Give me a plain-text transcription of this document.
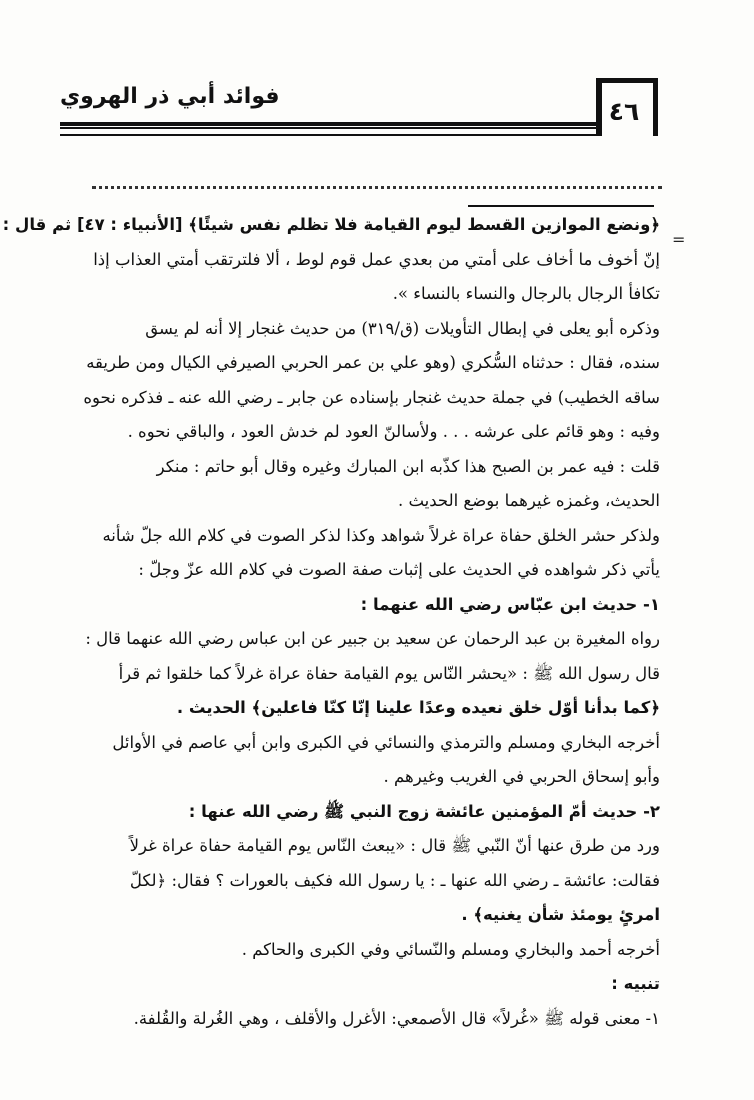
٤٦
فوائد أبي ذر الهروي
=
﴿ونضع الموازين القسط ليوم القيامة فلا تظلم نفس شيئًا﴾ [الأنبياء : ٤٧] ثم قال :
إنّ أخوف ما أخاف على أمتي من بعدي عمل قوم لوط ، ألا فلترتقب أمتي العذاب إذا
تكافأ الرجال بالرجال والنساء بالنساء ».
وذكره أبو يعلى في إبطال التأويلات (ق/٣١٩) من حديث غنجار إلا أنه لم يسق
سنده، فقال : حدثناه السُّكري (وهو علي بن عمر الحربي الصيرفي الكيال ومن طريقه
ساقه الخطيب) في جملة حديث غنجار بإسناده عن جابر ـ رضي الله عنه ـ فذكره نحوه
وفيه : وهو قائم على عرشه . . . ولأسالنّ العود لم خدش العود ، والباقي نحوه .
قلت : فيه عمر بن الصبح هذا كذّبه ابن المبارك وغيره وقال أبو حاتم : منكر
الحديث، وغمزه غيرهما بوضع الحديث .
ولذكر حشر الخلق حفاة عراة غرلاً شواهد وكذا لذكر الصوت في كلام الله جلّ شأنه
يأتي ذكر شواهده في الحديث على إثبات صفة الصوت في كلام الله عزّ وجلّ :
١- حديث ابن عبّاس رضي الله عنهما :
رواه المغيرة بن عبد الرحمان عن سعيد بن جبير عن ابن عباس رضي الله عنهما قال :
قال رسول الله ﷺ : «يحشر النّاس يوم القيامة حفاة عراة غرلاً كما خلقوا ثم قرأ
﴿كما بدأنا أوّل خلق نعيده وعدًا علينا إنّا كنّا فاعلين﴾ الحديث .
أخرجه البخاري ومسلم والترمذي والنسائي في الكبرى وابن أبي عاصم في الأوائل
وأبو إسحاق الحربي في الغريب وغيرهم .
٢- حديث أمّ المؤمنين عائشة زوج النبي ﷺ رضي الله عنها :
ورد من طرق عنها أنّ النّبي ﷺ قال : «يبعث النّاس يوم القيامة حفاة عراة غرلاً
فقالت: عائشة ـ رضي الله عنها ـ : يا رسول الله فكيف بالعورات ؟ فقال: ﴿لكلّ
امرئٍ يومئذ شأن يغنيه﴾ .
أخرجه أحمد والبخاري ومسلم والنّسائي وفي الكبرى والحاكم .
تنبيه :
١- معنى قوله ﷺ «غُرلاً» قال الأصمعي: الأغرل والأقلف ، وهي الغُرلة والقُلفة.
